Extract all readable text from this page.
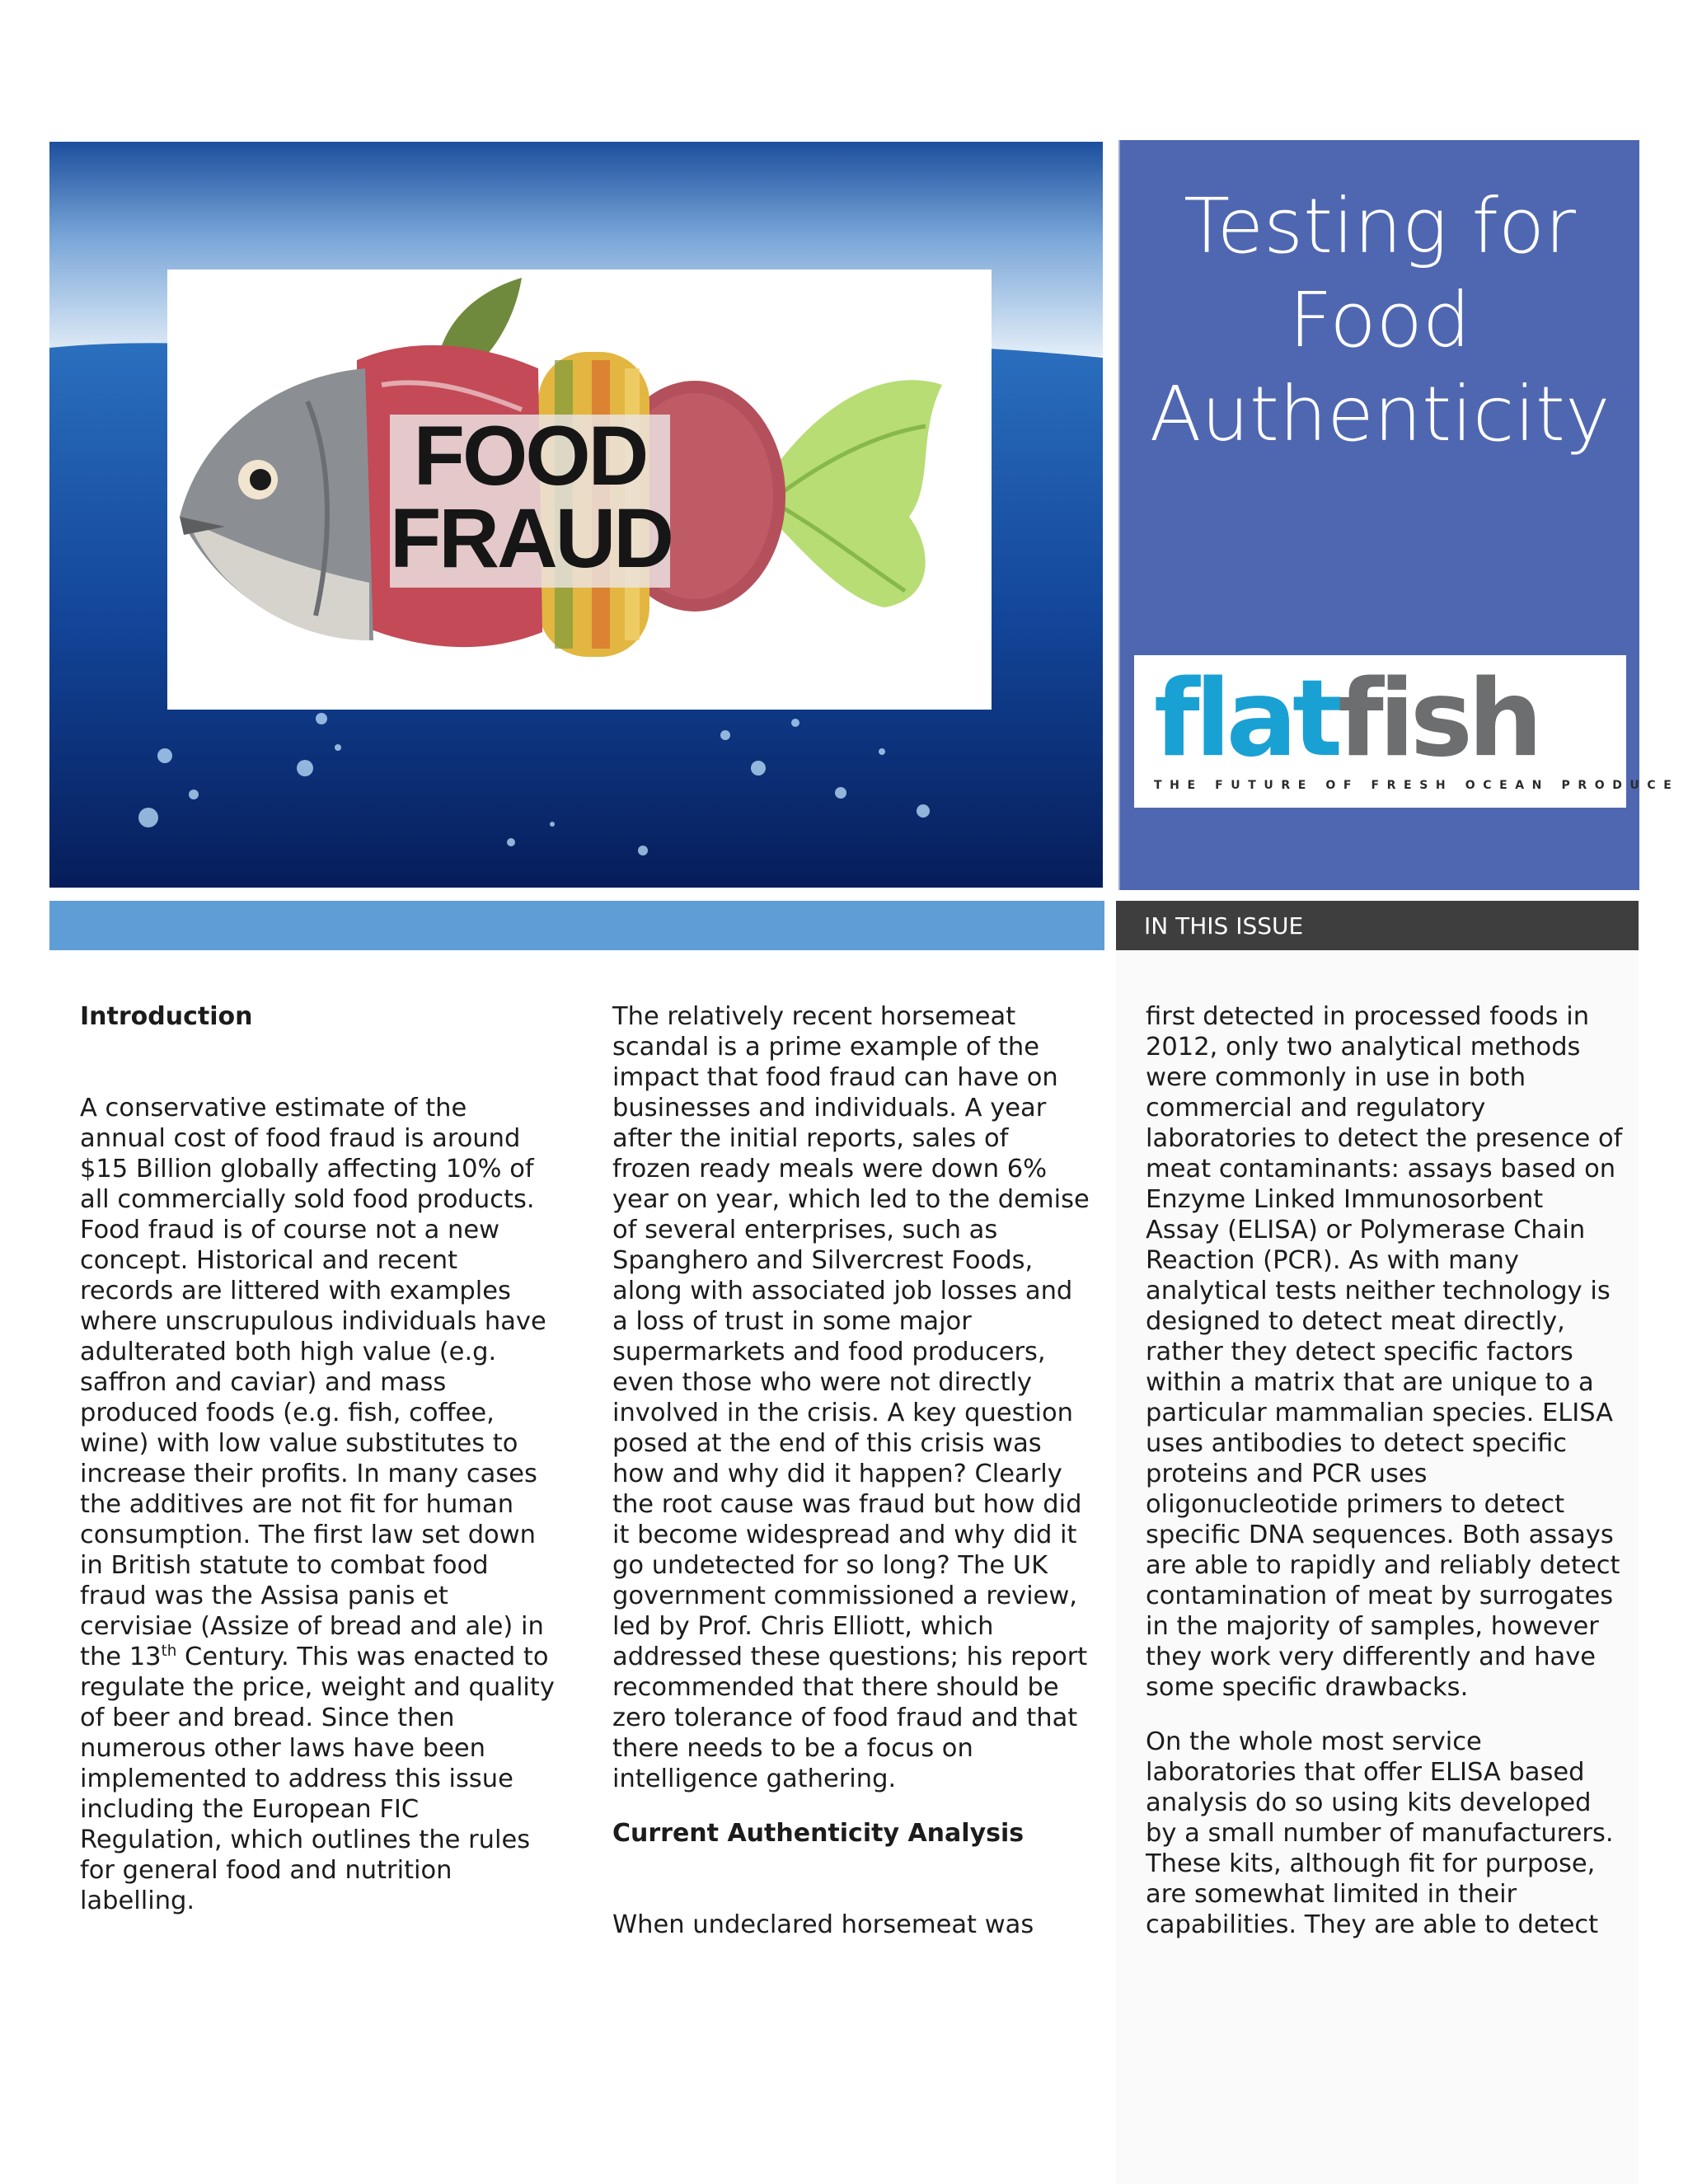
FOOD
FRAUD
Testing for
Food
Authenticity
flatfish
THE FUTURE OF FRESH OCEAN PRODUCE
IN THIS ISSUE
Introduction

A conservative estimate of the annual cost of food fraud is around $15 Billion globally affecting 10% of all commercially sold food products. Food fraud is of course not a new concept. Historical and recent records are littered with examples where unscrupulous individuals have adulterated both high value (e.g. saffron and caviar) and mass produced foods (e.g. fish, coffee, wine) with low value substitutes to increase their profits. In many cases the additives are not fit for human consumption. The first law set down in British statute to combat food fraud was the Assisa panis et cervisiae (Assize of bread and ale) in the 13th Century. This was enacted to regulate the price, weight and quality of beer and bread. Since then numerous other laws have been implemented to address this issue including the European FIC Regulation, which outlines the rules for general food and nutrition labelling.

The relatively recent horsemeat scandal is a prime example of the impact that food fraud can have on businesses and individuals. A year after the initial reports, sales of frozen ready meals were down 6% year on year, which led to the demise of several enterprises, such as Spanghero and Silvercrest Foods, along with associated job losses and a loss of trust in some major supermarkets and food producers, even those who were not directly involved in the crisis. A key question posed at the end of this crisis was how and why did it happen? Clearly the root cause was fraud but how did it become widespread and why did it go undetected for so long? The UK government commissioned a review, led by Prof. Chris Elliott, which addressed these questions; his report recommended that there should be zero tolerance of food fraud and that there needs to be a focus on intelligence gathering.

Current Authenticity Analysis

When undeclared horsemeat was

first detected in processed foods in 2012, only two analytical methods were commonly in use in both commercial and regulatory laboratories to detect the presence of meat contaminants: assays based on Enzyme Linked Immunosorbent Assay (ELISA) or Polymerase Chain Reaction (PCR). As with many analytical tests neither technology is designed to detect meat directly, rather they detect specific factors within a matrix that are unique to a particular mammalian species. ELISA uses antibodies to detect specific proteins and PCR uses oligonucleotide primers to detect specific DNA sequences. Both assays are able to rapidly and reliably detect contamination of meat by surrogates in the majority of samples, however they work very differently and have some specific drawbacks.

On the whole most service laboratories that offer ELISA based analysis do so using kits developed by a small number of manufacturers. These kits, although fit for purpose, are somewhat limited in their capabilities. They are able to detect
